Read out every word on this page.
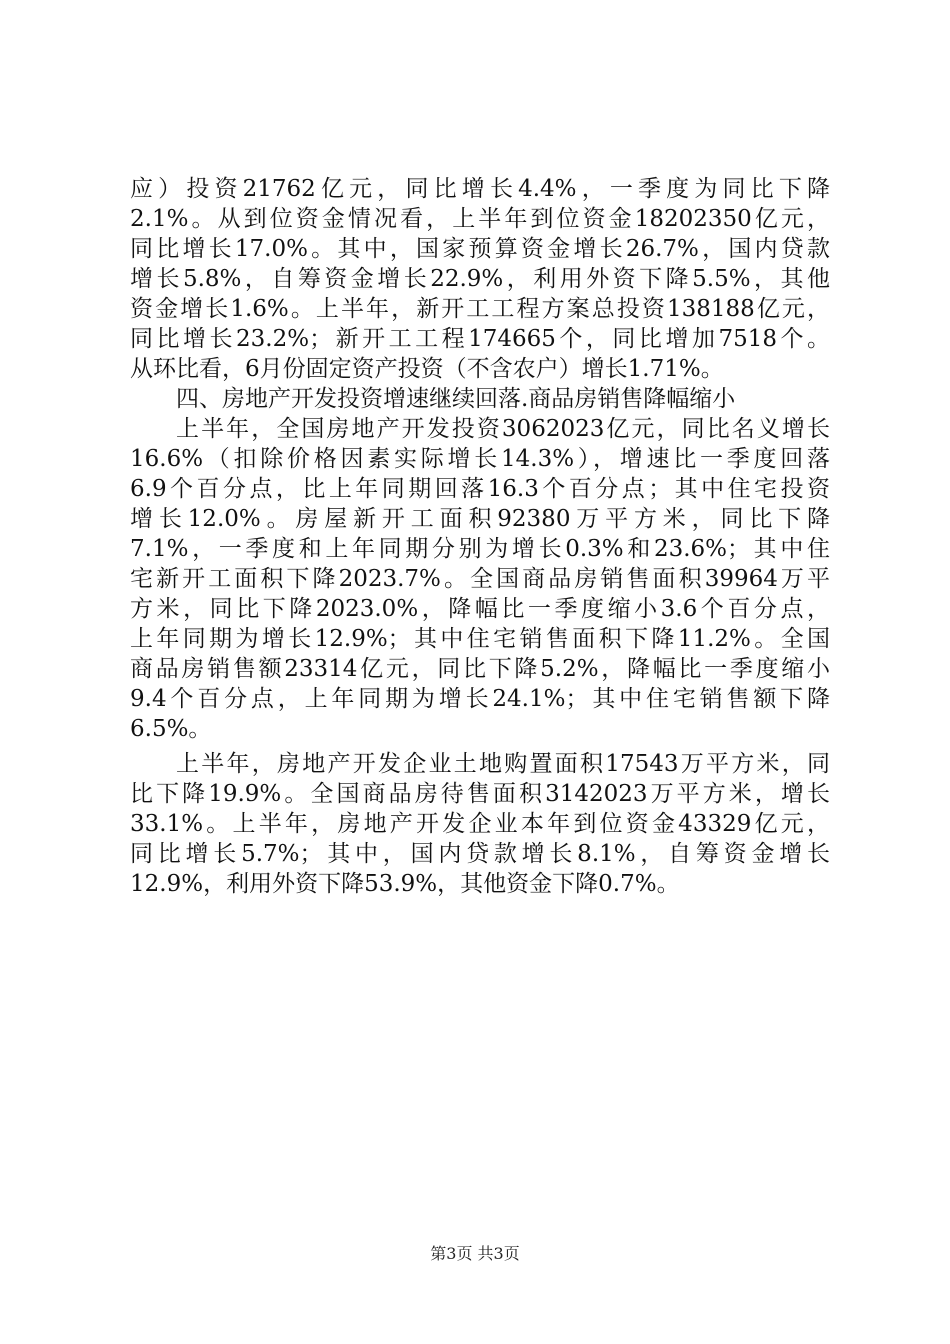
应）投资21762亿元，同比增长4.4%，一季度为同比下降
2.1%。从到位资金情况看，上半年到位资金18202350亿元，
同比增长17.0%。其中，国家预算资金增长26.7%，国内贷款
增长5.8%，自筹资金增长22.9%，利用外资下降5.5%，其他
资金增长1.6%。上半年，新开工工程方案总投资138188亿元，
同比增长23.2%；新开工工程174665个，同比增加7518个。
从环比看，6月份固定资产投资（不含农户）增长1.71%。
四、房地产开发投资增速继续回落.商品房销售降幅缩小
上半年，全国房地产开发投资3062023亿元，同比名义增长
16.6%（扣除价格因素实际增长14.3%），增速比一季度回落
6.9个百分点，比上年同期回落16.3个百分点；其中住宅投资
增长12.0%。房屋新开工面积92380万平方米，同比下降
7.1%，一季度和上年同期分别为增长0.3%和23.6%；其中住
宅新开工面积下降2023.7%。全国商品房销售面积39964万平
方米，同比下降2023.0%，降幅比一季度缩小3.6个百分点，
上年同期为增长12.9%；其中住宅销售面积下降11.2%。全国
商品房销售额23314亿元，同比下降5.2%，降幅比一季度缩小
9.4个百分点，上年同期为增长24.1%；其中住宅销售额下降
6.5%。
上半年，房地产开发企业土地购置面积17543万平方米，同
比下降19.9%。全国商品房待售面积3142023万平方米，增长
33.1%。上半年，房地产开发企业本年到位资金43329亿元，
同比增长5.7%；其中，国内贷款增长8.1%，自筹资金增长
12.9%，利用外资下降53.9%，其他资金下降0.7%。
第3页 共3页
